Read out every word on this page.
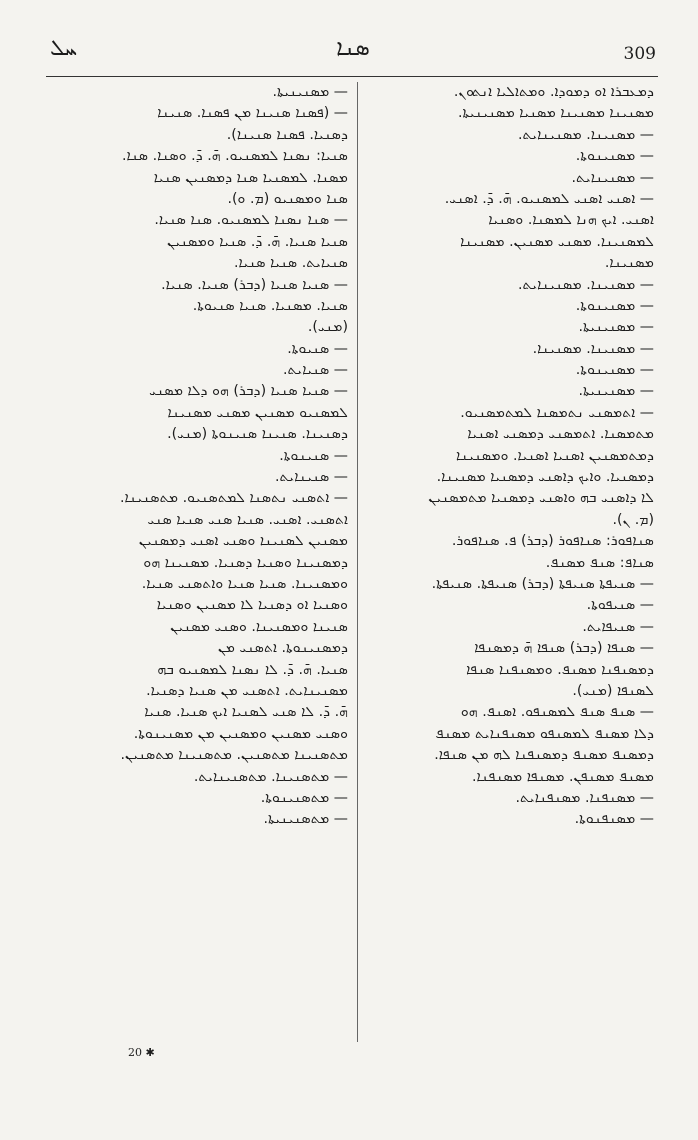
ܚܠ	ܣܢܐ	309
ܕܡܥܒܪܐ ܐܘ ܕܡܘܕܐ. ܘܡܬܐܠܝܐ ܐܢܬܘܢ.
ܡܣܢܝܢܐ ܡܣܢܝܢܐ ܡܣܢܝܐ ܡܣܢܝܢܝܬܐ.
— ܡܣܢܝܢܐ. ܡܣܢܝܢܐܝܬ.
— ܡܣܢܝܢܘܬܐ.
— ܡܣܢܝܢܐܝܬ.
— ܐܣܢܝ ܐܣܢܝ ܠܡܣܢܝܘ. ܗ̄. ܕ̄. ܐܣܢܝ.
ܐܣܢܝ. ܐܝܟ ܗܢܐ ܠܡܣܢܐ. ܘܣܢܝܐ
ܠܡܣܢܝܢܐ. ܡܣܢܝ ܡܣܢܝܢ. ܡܣܢܝܢܐ
ܡܣܢܝܢܐ.
— ܡܣܢܝܢܐ. ܡܣܢܝܢܐܝܬ.
— ܡܣܢܝܢܘܬܐ.
— ܡܣܢܝܢܝܬܐ.
— ܡܣܢܝܢܐ. ܡܣܢܝܢܐ.
— ܡܣܢܝܢܘܬܐ.
— ܡܣܢܝܢܝܬܐ.
— ܐܬܡܣܢܝ ܢܬܡܣܢܐ ܠܡܬܡܣܢܝܘ.
ܡܬܡܣܢܐ. ܐܬܡܣܢܝ ܕܡܣܢܝ ܐܣܢܝܐ
ܕܡܬܡܣܢܝܢ ܐܣܢܝܐ ܐܣܢܝܐ. ܘܡܣܢܝܢܐ
ܕܡܣܢܝܐ. ܘܐܝܟ ܕܐܣܢܝ ܕܡܣܢܝܐ ܡܣܢܝܢܐ.
ܠܐ ܕܐܣܢܝ ܒܗ ܘܐܣܢܝ ܕܡܣܢܝܐ ܡܬܡܣܢܝܢ
(ܡ. ܢ).
ܣܢܐܦܘܪ: ܣܢܐܦܘܪ (ܕܒܪ) ܦ. ܣܢܐܦܘܪ.
ܣܢܐܦ: ܣܢܦ ܡܣܢܦ.
— ܣܢܝܦܬܐ ܣܢܝܦܬܐ (ܕܒܪ) ܣܢܝܦܬܐ. ܣܢܝܦܬܐ.
— ܣܢܝܦܘܬܐ.
— ܣܢܝܦܐܝܬ.
— ܣܢܦܐ (ܕܒܪ) ܣܢܦܐ ܗ̄ ܕܡܣܢܦܐ
ܕܡܣܢܦܢܐ ܡܣܢܦ. ܘܡܣܢܦܢܐ ܣܢܦܐ
ܠܣܢܦܐ (ܡܢܝ).
— ܣܢܦ ܣܢܦ ܠܡܣܢܦܘ. ܐܣܢܦ. ܗܘ
ܕܠܐ ܡܣܢܦ ܠܡܣܢܦܘ ܡܣܢܦܢܐܝܬ ܡܣܢܦ
ܕܡܣܢܦ ܡܣܢܦ ܕܡܣܢܦܢܐ ܠܗ ܡܢ ܣܢܦܐ.
ܡܣܢܦ ܡܣܢܦܢ. ܡܣܢܦܐ ܡܣܢܦܢܐ.
— ܡܣܢܦܢܐ. ܡܣܢܦܢܐܝܬ.
— ܡܣܢܦܢܘܬܐ.
— ܡܣܢܝܢܝܬܐ.
— (ܦܣܢܐ ܣܢܝܢܐ ܡܢ ܦܣܢܐ. ܣܢܝܢܐ
ܕܣܢܝܐ. ܦܣܢܐ ܣܢܝܢܐ).
ܣܢܝܐ: ܢܣܢܐ ܠܡܣܢܝܘ. ܗ̄. ܕ̄. ܘܣܢܐ. ܣܢܐ.
ܡܣܢܐ. ܠܡܣܢܝܐ ܣܢܐ ܕܡܣܢܝܢ ܣܢܝܐ
ܣܢܐ ܘܡܣܢܝܘ (ܡ. ܘ).
— ܣܢܐ ܢܣܢܐ ܠܡܣܢܝܘ. ܣܢܐ ܣܢܝܐ.
ܣܢܝܐ ܣܢܝܐ. ܗ̄. ܕ̄. ܣܢܝܐ ܘܡܣܢܝܢ
ܣܢܝܐܝܬ. ܣܢܝܐ ܣܢܝܐ.
— ܣܢܝܐ ܣܢܝܐ (ܕܒܪ) ܣܢܝܐ. ܣܢܝܐ.
ܣܢܝܐ. ܡܣܢܝܐ. ܣܢܝܐ ܣܢܝܘܬܐ.
(ܡܢܝ).
— ܣܢܝܘܬܐ.
— ܣܢܝܐܝܬ.
— ܣܢܝܐ ܣܢܝܐ (ܕܒܪ) ܗܘ ܕܠܐ ܡܣܢܝ
ܠܡܣܢܝܘ ܡܣܢܝܢ ܡܣܢܝ ܡܣܢܝܢܐ
ܕܣܢܝܢܐ. ܣܢܝܢܐ ܣܢܝܢܘܬܐ (ܡܢܝ).
— ܣܢܝܢܘܬܐ.
— ܣܢܝܢܐܝܬ.
— ܐܬܣܢܝ ܢܬܣܢܐ ܠܡܬܣܢܝܘ. ܡܬܣܢܝܢܐ.
ܐܬܣܢܝ. ܐܣܢܝ. ܣܢܝܐ ܣܢܝ ܣܢܝܐ ܣܢܝ
ܡܣܢܝܢ ܠܣܢܝܢܐ ܘܣܢܝ ܐܣܢܝ ܕܡܣܢܝܢ
ܕܡܣܢܝܢܐ ܘܣܢܝܐ ܕܣܢܝܐ. ܡܣܢܝܢܐ ܗܘ
ܘܡܣܢܝܢܐ. ܣܢܝܐ ܣܢܝܐ ܘܐܬܣܢܝ ܣܢܝܐ.
ܘܣܢܝܐ ܐܘ ܕܣܢܝܐ ܠܐ ܡܣܢܝܢ ܘܣܢܝܐ
ܣܢܝܢܐ ܘܡܣܢܝܢܐ. ܘܣܢܝ ܡܣܢܝܢ
ܕܡܣܢܝܢܘܬܐ. ܐܬܣܢܝ ܡܢ
ܣܢܝܐ. ܗ̄. ܕ̄. ܠܐ ܢܣܢܐ ܠܡܣܢܝܘ ܒܗ
ܡܣܢܝܢܐܝܬ. ܐܬܣܢܝ ܡܢ ܣܢܝܐ ܕܣܢܝܐ.
ܗ̄. ܕ̄. ܠܐ ܣܢܝ ܠܣܢܝܐ ܐܝܟ ܣܢܝܐ. ܣܢܝܐ
ܘܣܢܝ ܡܣܢܝܢ ܘܡܣܢܝܢ ܡܢ ܡܣܢܝܢܘܬܐ.
ܡܬܣܢܝܢܐ ܡܬܣܢܝܢ. ܡܬܣܢܝܢܐ ܡܬܣܢܝܢ.
— ܡܬܣܢܝܢܐ. ܡܬܣܢܝܢܐܝܬ.
— ܡܬܣܢܝܢܘܬܐ.
— ܡܬܣܢܝܢܝܬܐ.
20 ✱
